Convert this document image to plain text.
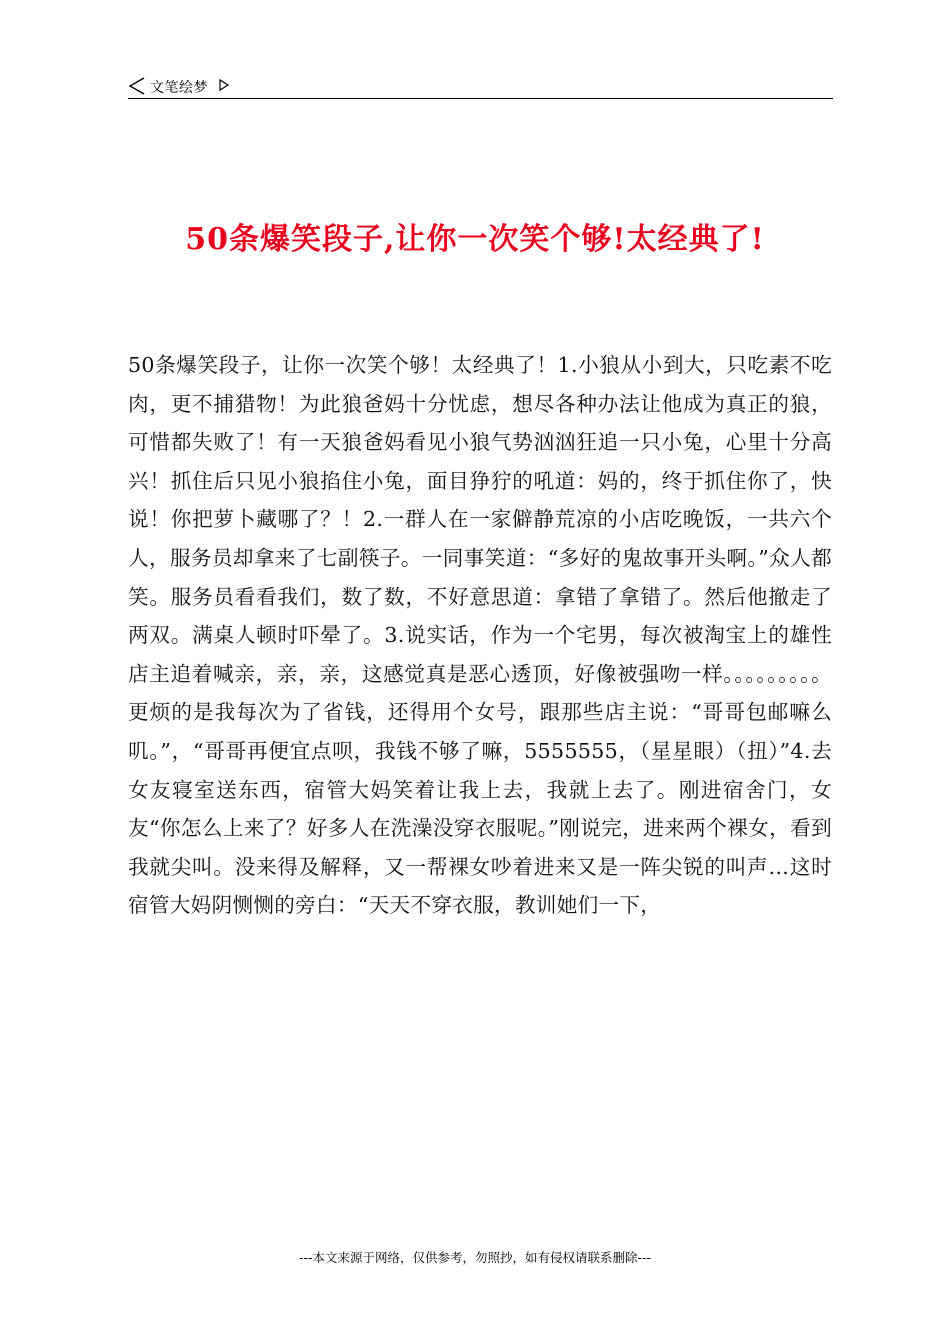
文笔绘梦
50条爆笑段子,让你一次笑个够!太经典了!

50条爆笑段子，让你一次笑个够！太经典了！1.小狼从小到大，只吃素不吃肉，更不捕猎物！为此狼爸妈十分忧虑，想尽各种办法让他成为真正的狼，可惜都失败了！有一天狼爸妈看见小狼气势汹汹狂追一只小兔，心里十分高兴！抓住后只见小狼掐住小兔，面目狰狞的吼道：妈的，终于抓住你了，快说！你把萝卜藏哪了？！2.一群人在一家僻静荒凉的小店吃晚饭，一共六个人，服务员却拿来了七副筷子。一同事笑道：“多好的鬼故事开头啊。”众人都笑。服务员看看我们，数了数，不好意思道：拿错了拿错了。然后他撤走了两双。满桌人顿时吓晕了。3.说实话，作为一个宅男，每次被淘宝上的雄性店主追着喊亲，亲，亲，这感觉真是恶心透顶，好像被强吻一样。。。。。。。。。更烦的是我每次为了省钱，还得用个女号，跟那些店主说：“哥哥包邮嘛么叽。”，“哥哥再便宜点呗，我钱不够了嘛，5555555，（星星眼）（扭）”4.去女友寝室送东西，宿管大妈笑着让我上去，我就上去了。刚进宿舍门，女友“你怎么上来了？好多人在洗澡没穿衣服呢。”刚说完，进来两个裸女，看到我就尖叫。没来得及解释，又一帮裸女吵着进来又是一阵尖锐的叫声…这时宿管大妈阴恻恻的旁白：“天天不穿衣服，教训她们一下，

---本文来源于网络，仅供参考，勿照抄，如有侵权请联系删除---
